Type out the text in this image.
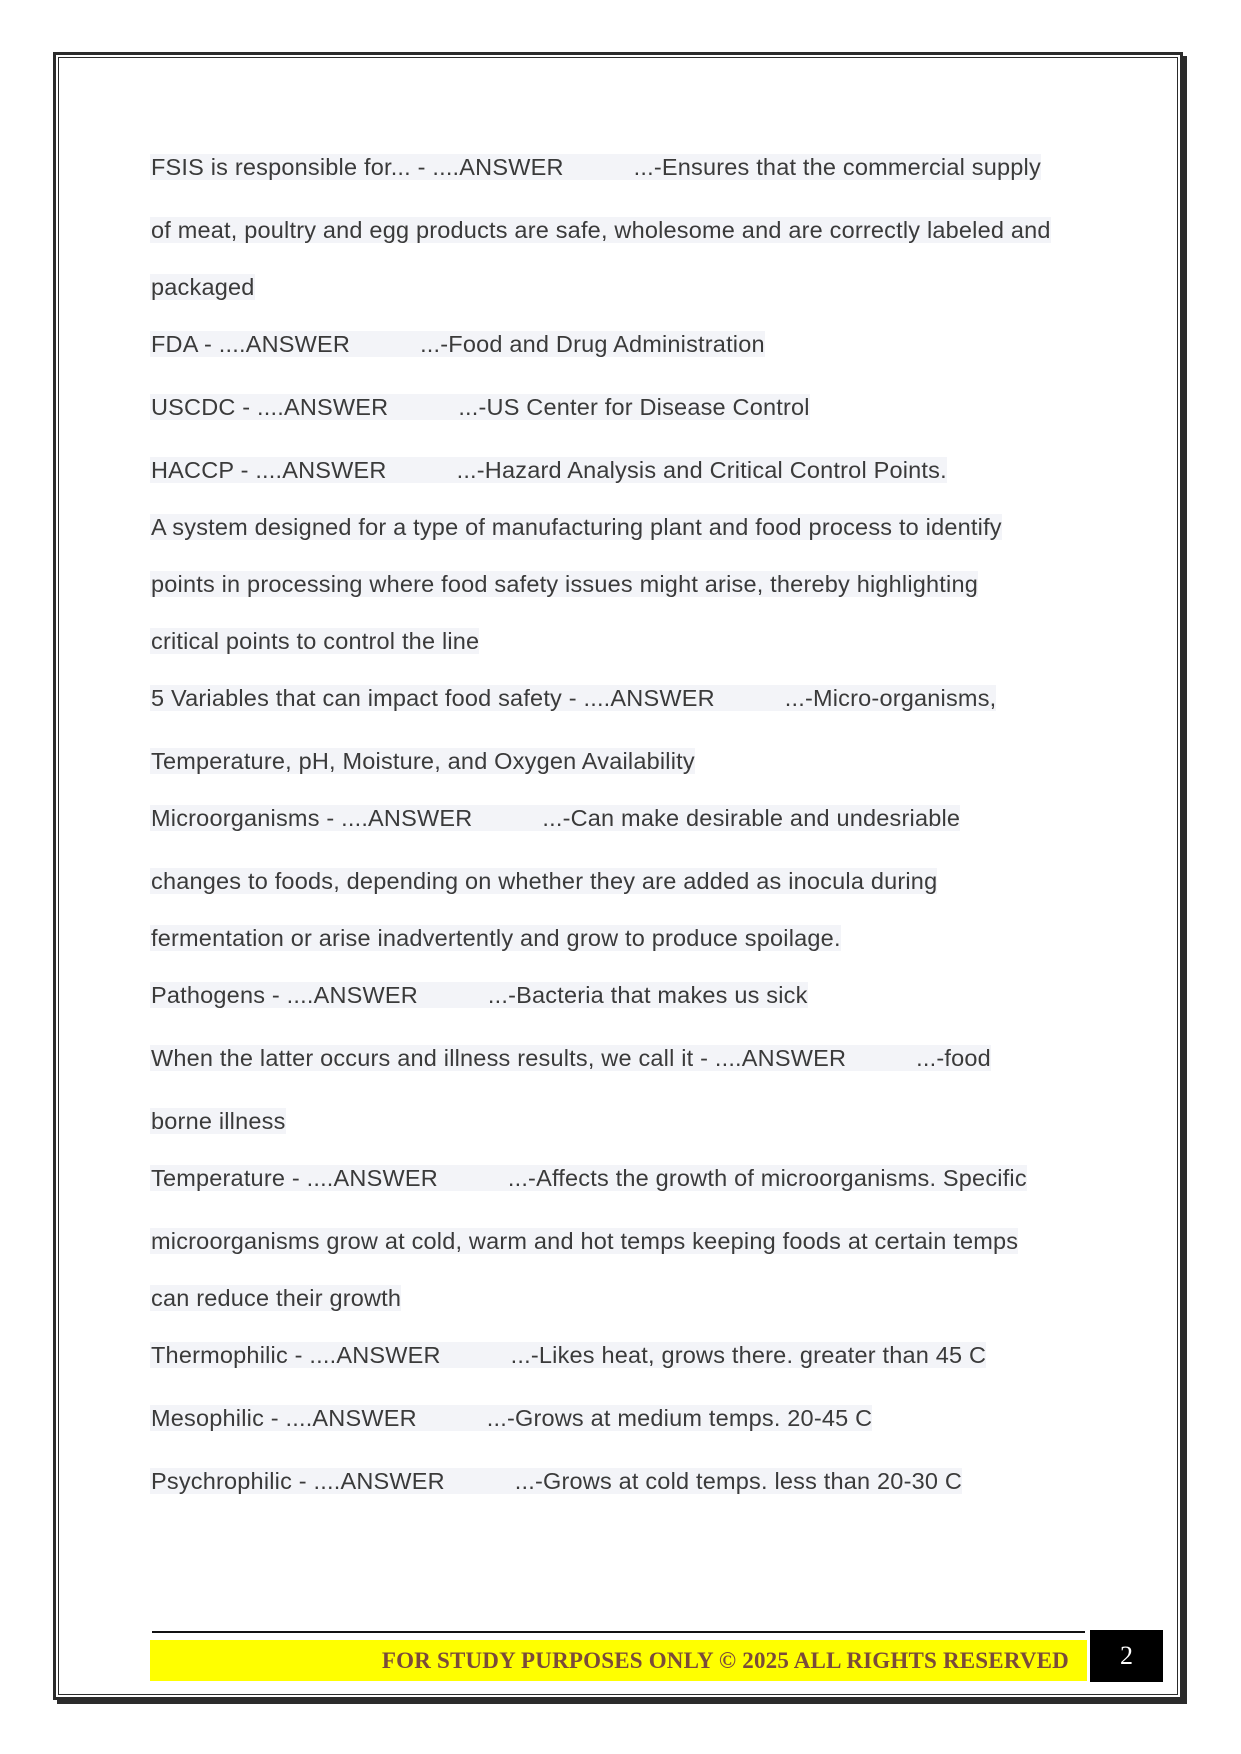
FSIS is responsible for... - ....ANSWER	...-Ensures that the commercial supply
of meat, poultry and egg products are safe, wholesome and are correctly labeled and
packaged
FDA - ....ANSWER	...-Food and Drug Administration
USCDC - ....ANSWER	...-US Center for Disease Control
HACCP - ....ANSWER	...-Hazard Analysis and Critical Control Points.
A system designed for a type of manufacturing plant and food process to identify
points in processing where food safety issues might arise, thereby highlighting
critical points to control the line
5 Variables that can impact food safety - ....ANSWER	...-Micro-organisms,
Temperature, pH, Moisture, and Oxygen Availability
Microorganisms - ....ANSWER	...-Can make desirable and undesriable
changes to foods, depending on whether they are added as inocula during
fermentation or arise inadvertently and grow to produce spoilage.
Pathogens - ....ANSWER	...-Bacteria that makes us sick
When the latter occurs and illness results, we call it - ....ANSWER	...-food
borne illness
Temperature - ....ANSWER	...-Affects the growth of microorganisms. Specific
microorganisms grow at cold, warm and hot temps keeping foods at certain temps
can reduce their growth
Thermophilic - ....ANSWER	...-Likes heat, grows there. greater than 45 C
Mesophilic - ....ANSWER	...-Grows at medium temps. 20-45 C
Psychrophilic - ....ANSWER	...-Grows at cold temps. less than 20-30 C
FOR STUDY PURPOSES ONLY © 2025 ALL RIGHTS RESERVED 2
